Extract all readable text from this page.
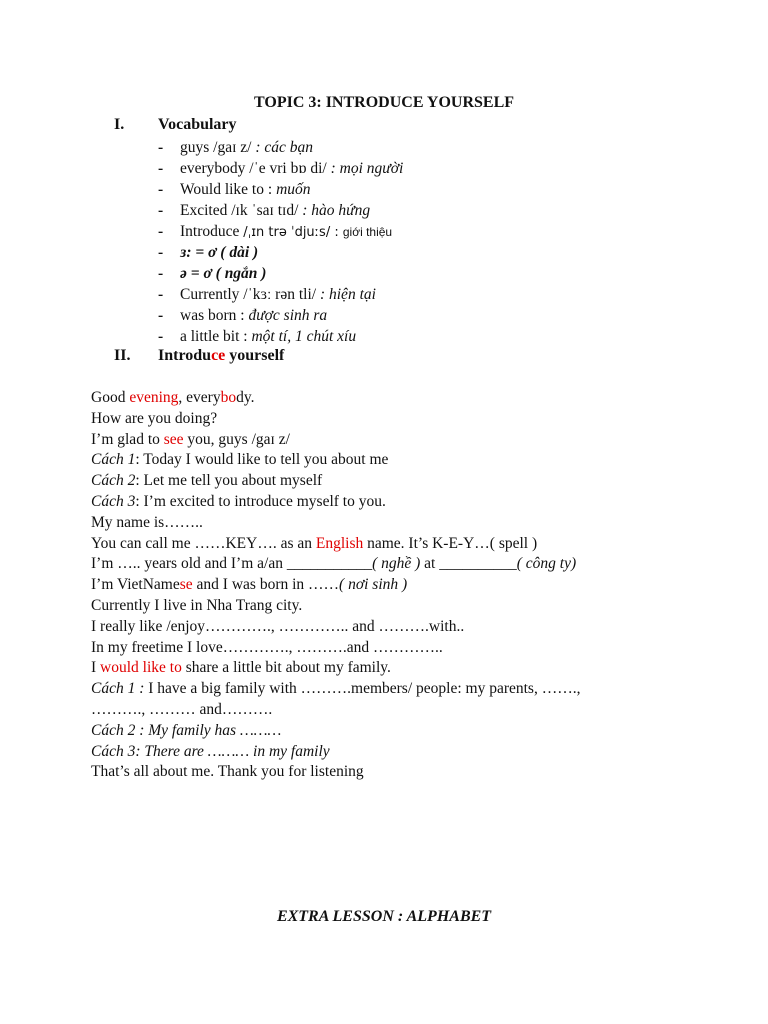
TOPIC 3: INTRODUCE YOURSELF
I. Vocabulary
- guys /gaɪ z/ : các bạn
- everybody /ˈe vri bɒ di/ : mọi người
- Would like to : muốn
- Excited /ɪk ˈsaɪ tɪd/ : hào hứng
- Introduce /ˌɪn trə ˈdjuːs/ : giới thiệu
- ɜ: = ơ ( dài )
- ə = ơ ( ngắn )
- Currently /ˈkɜː rən tli/ : hiện tại
- was born : được sinh ra
- a little bit : một tí, 1 chút xíu
II. Introduce yourself
Good evening, everybody.
How are you doing?
I’m glad to see you, guys /gaɪ z/
Cách 1: Today I would like to tell you about me
Cách 2: Let me tell you about myself
Cách 3: I’m excited to introduce myself to you.
My name is……..
You can call me ……KEY…. as an English name. It’s K-E-Y…( spell )
I’m ….. years old and I’m a/an ___________( nghề ) at __________( công ty)
I’m VietNamese and I was born in ……( nơi sinh )
Currently I live in Nha Trang city.
I really like /enjoy…………., ………….. and ……….with..
In my freetime I love…………., ……….and …………..
I would like to share a little bit about my family.
Cách 1 : I have a big family with ……….members/ people: my parents, …….,
………., ……… and……….
Cách 2 : My family has ………
Cách 3: There are ……… in my family
That’s all about me. Thank you for listening
EXTRA LESSON : ALPHABET
